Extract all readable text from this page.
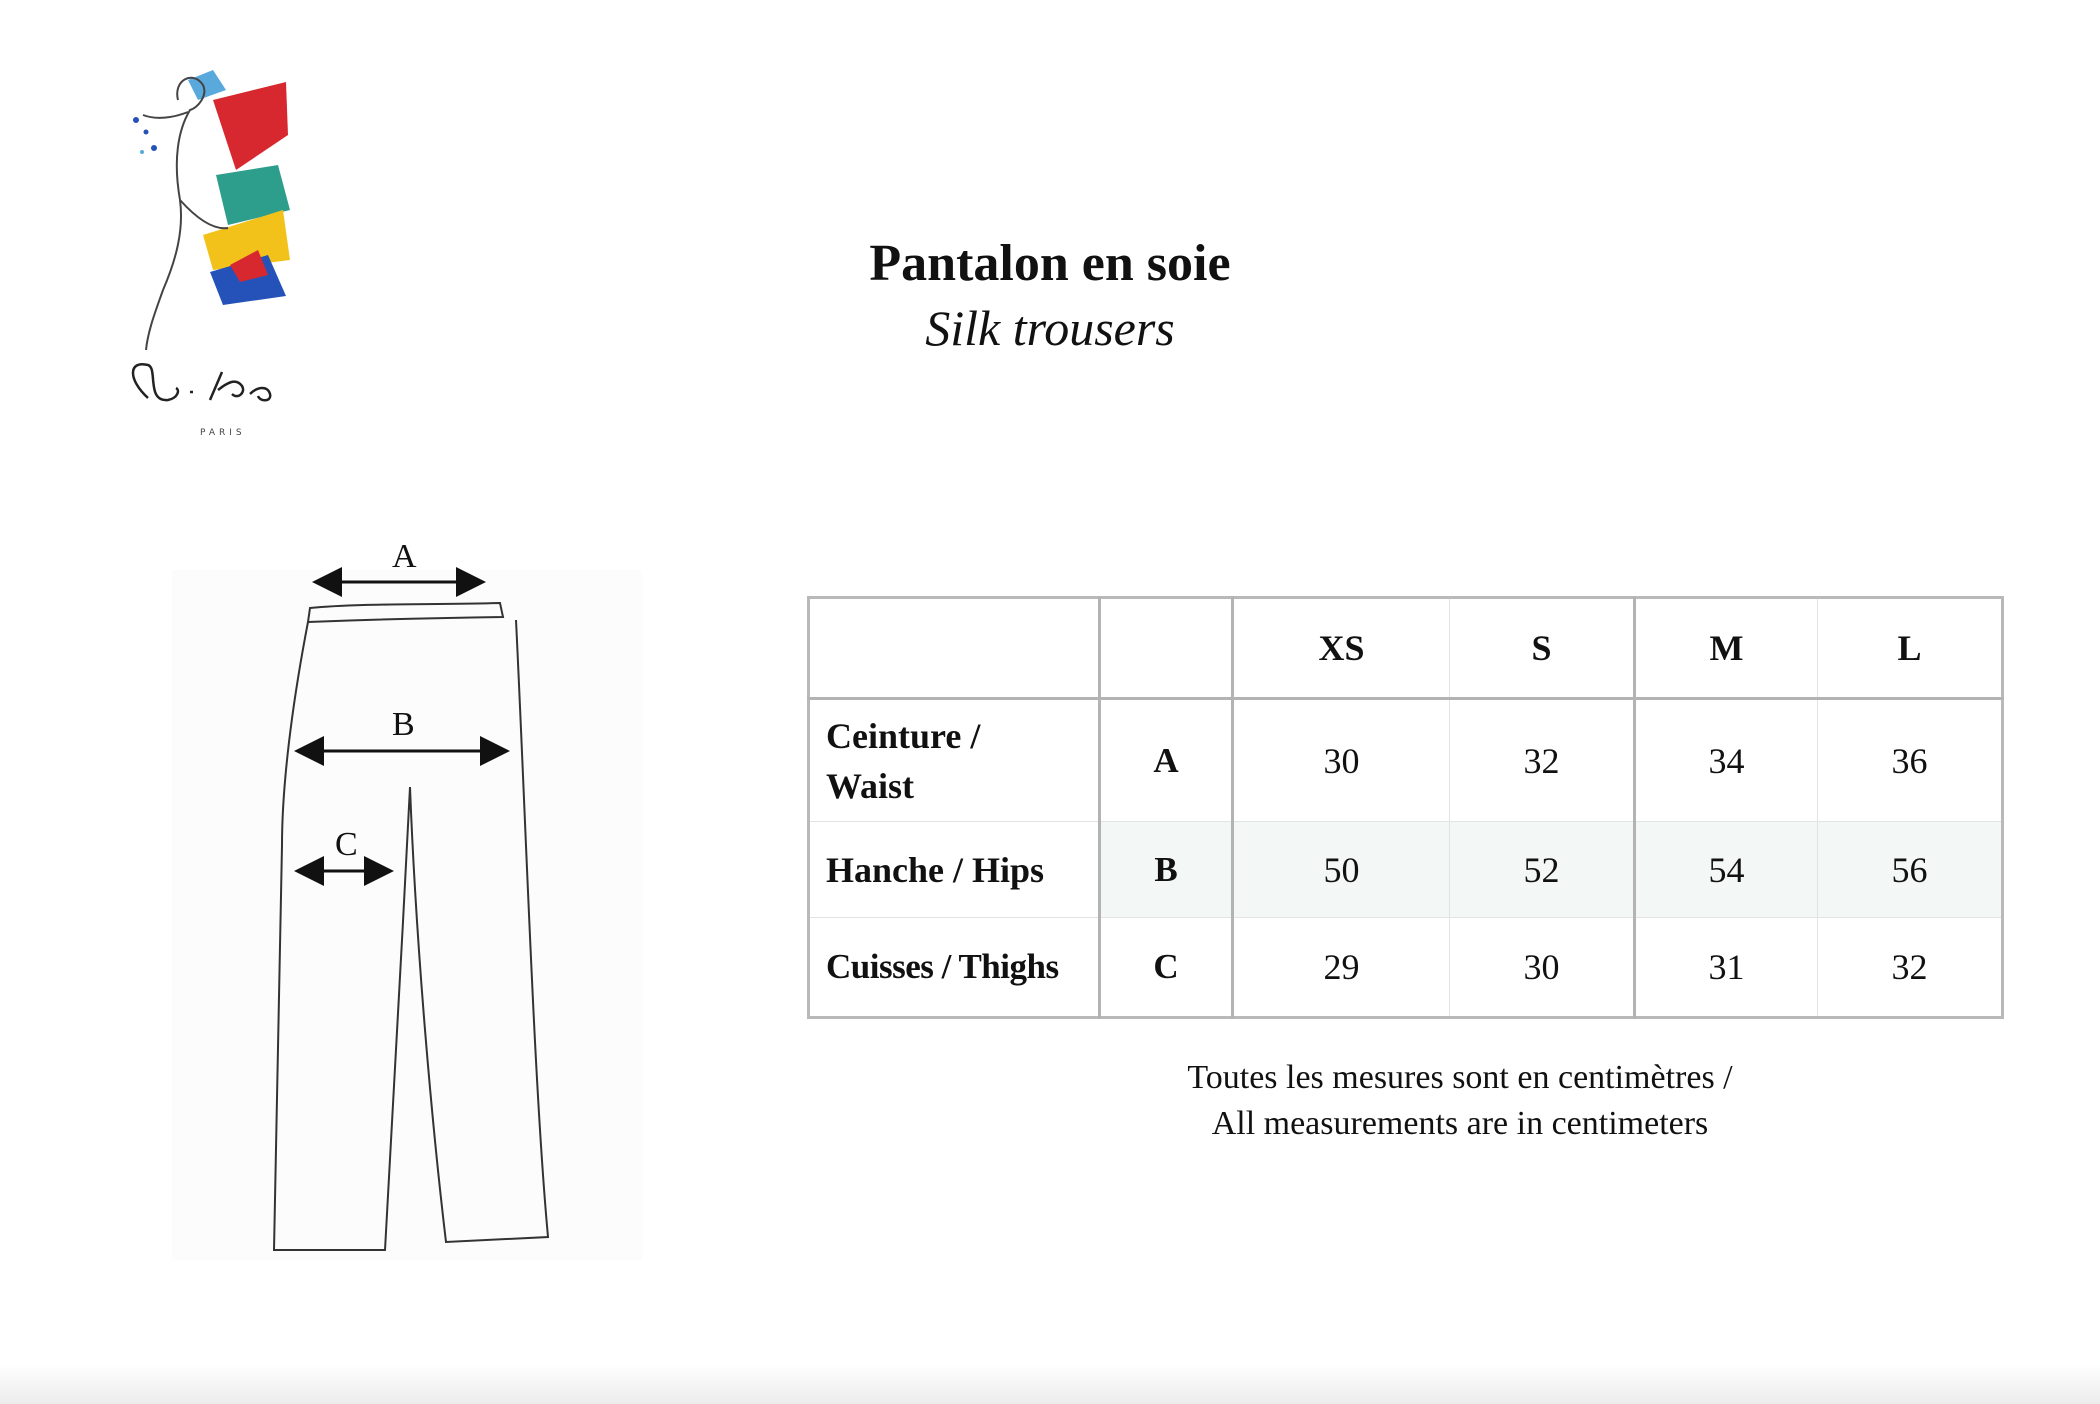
PARIS
Pantalon en soie
Silk trousers
A
B
C
		XS	S	M	L

Ceinture /
Waist	A	30	32	34	36
Hanche / Hips	B	50	52	54	56
Cuisses / Thighs	C	29	30	31	32
Toutes les mesures sont en centimètres /
All measurements are in centimeters
